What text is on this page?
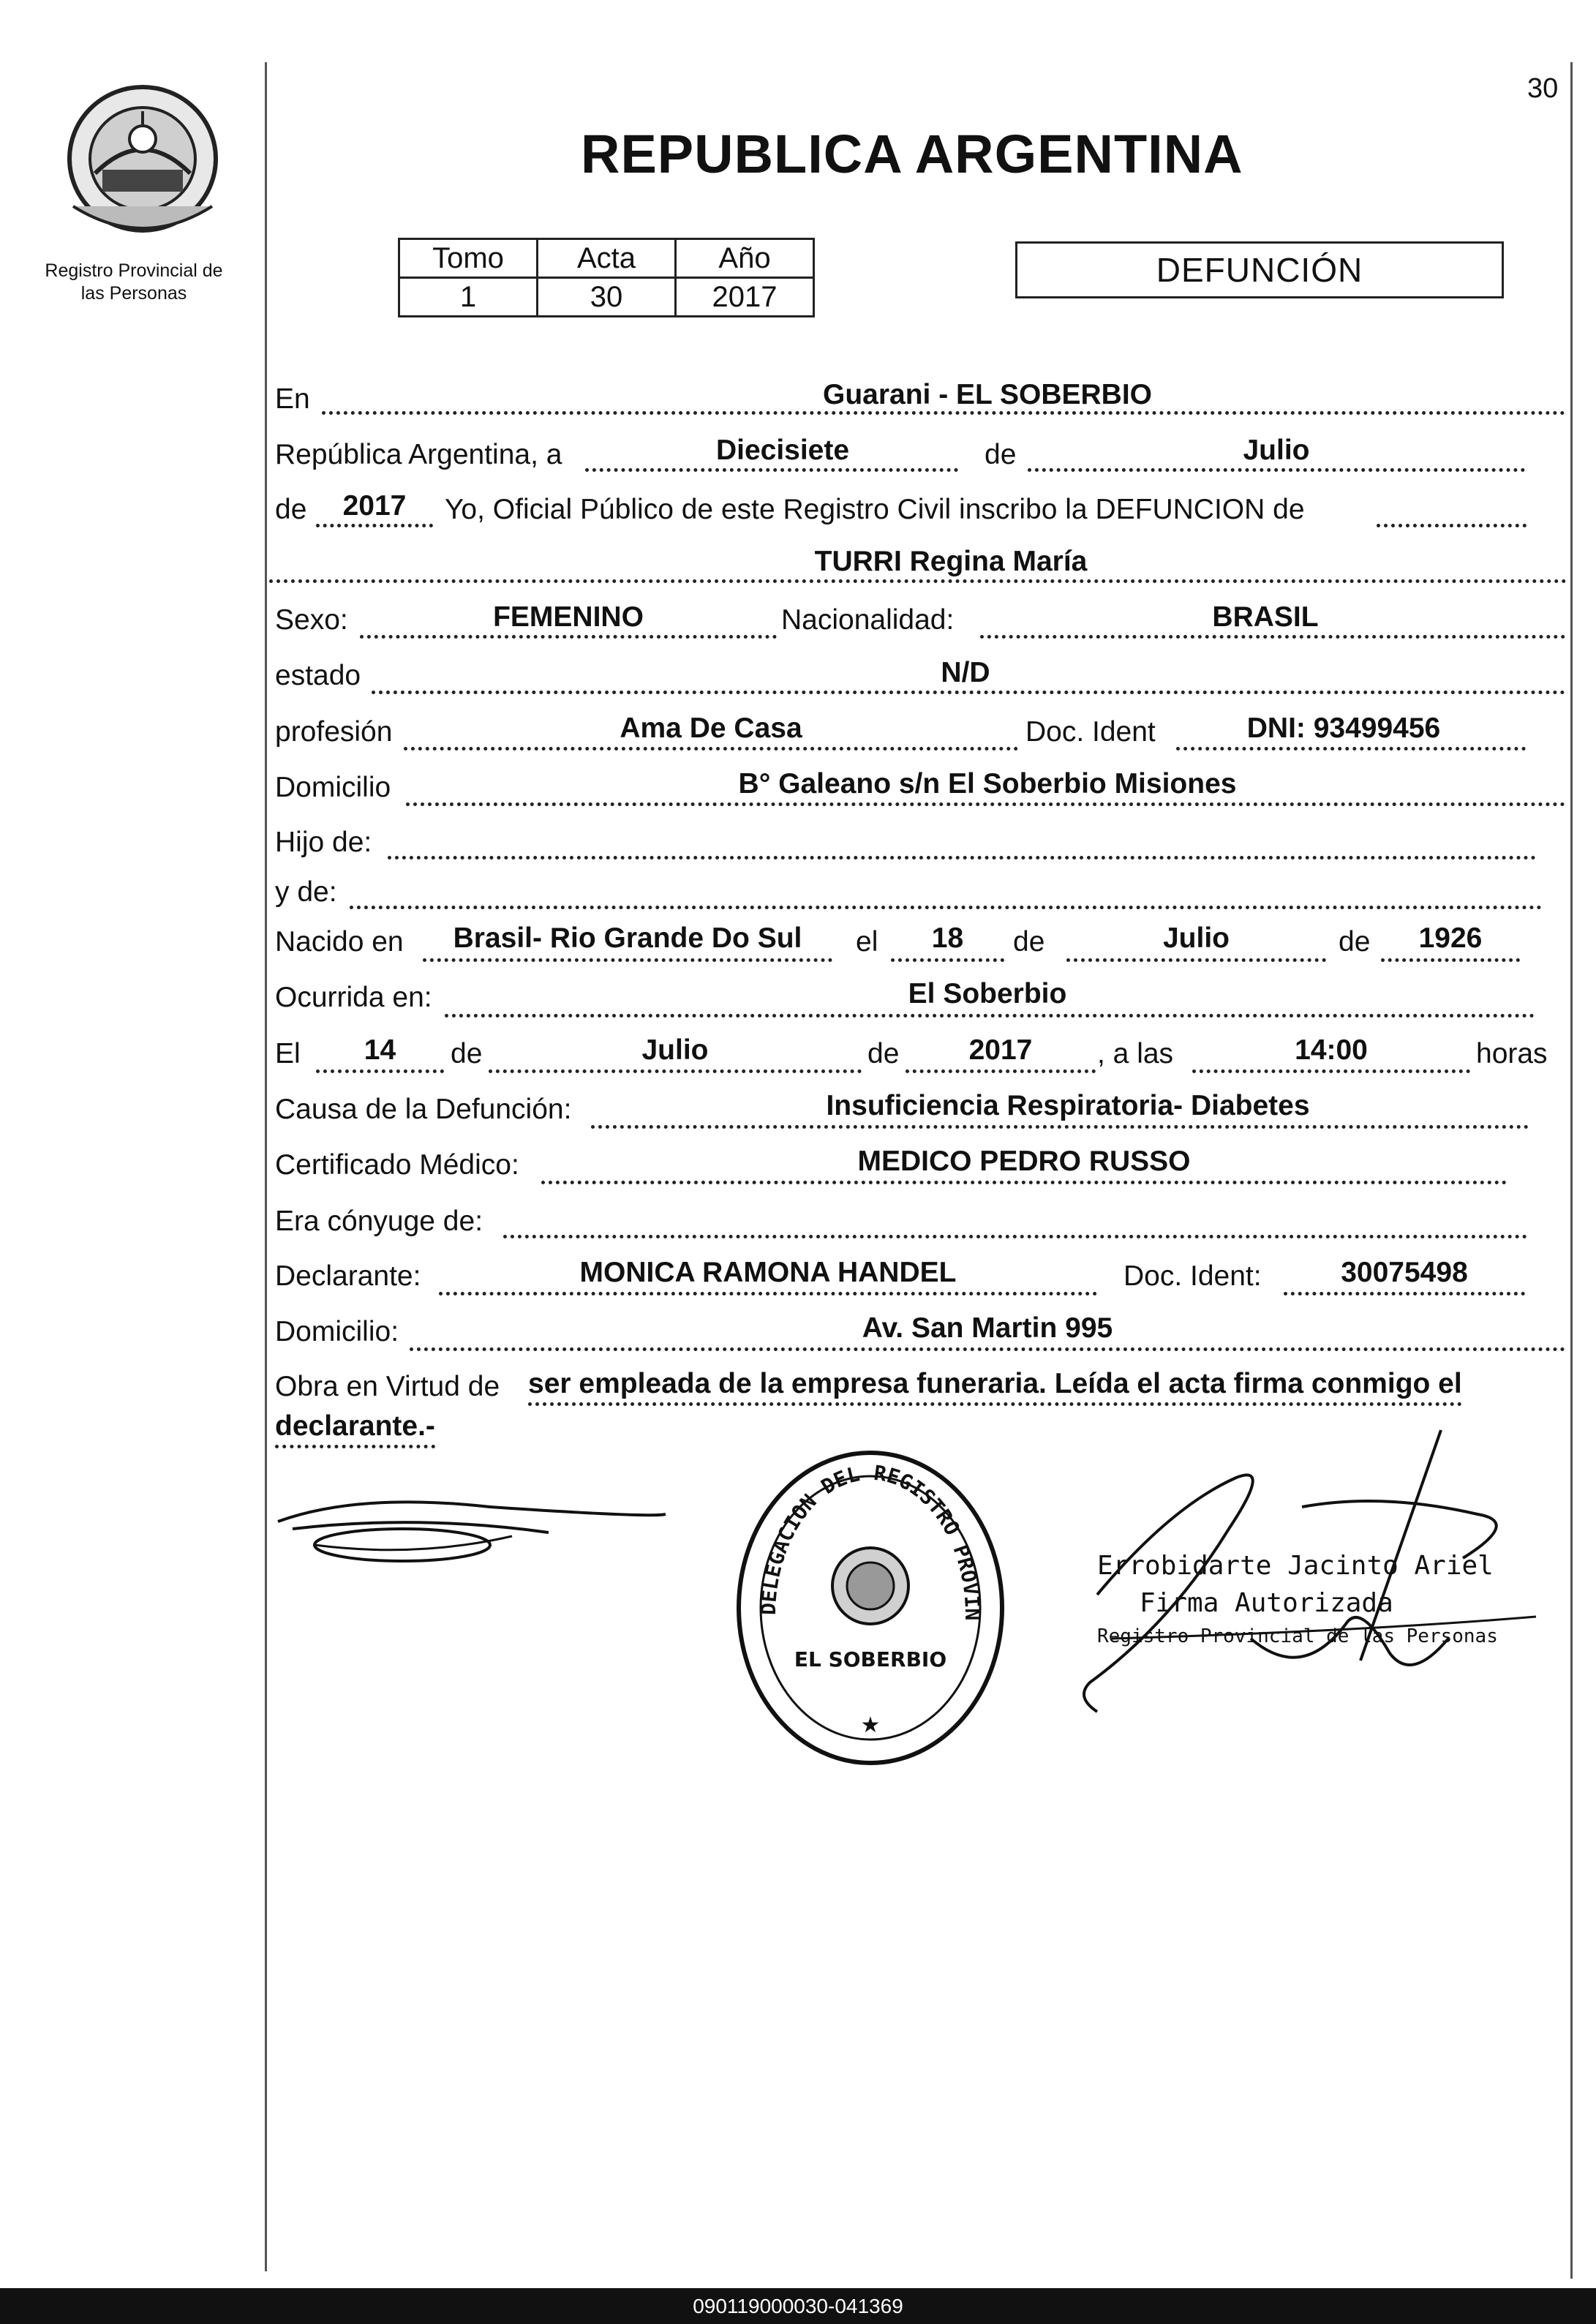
Registro Provincial de
las Personas
30
REPUBLICA ARGENTINA
Tomo	Acta	Año
1	30	2017
DEFUNCIÓN
En	Guarani - EL SOBERBIO
República Argentina, a	Diecisiete	de	Julio
de	2017	Yo, Oficial Público de este Registro Civil inscribo la DEFUNCION de
TURRI Regina María
Sexo:	FEMENINO	Nacionalidad:	BRASIL
estado	N/D
profesión	Ama De Casa	Doc. Ident	DNI: 93499456
Domicilio	B° Galeano s/n El Soberbio Misiones
Hijo de:
y de:
Nacido en	Brasil- Rio Grande Do Sul	el	18	de	Julio	de	1926
Ocurrida en:	El Soberbio
El	14	de	Julio	de	2017	, a las	14:00	horas
Causa de la Defunción:	Insuficiencia Respiratoria- Diabetes
Certificado Médico:	MEDICO PEDRO RUSSO
Era cónyuge de:
Declarante:	MONICA RAMONA HANDEL	Doc. Ident:	30075498
Domicilio:	Av. San Martin 995
Obra en Virtud de ser empleada de la empresa funeraria. Leída el acta firma conmigo el
declarante.-
DELEGACION DEL REGISTRO PROVIN
EL SOBERBIO
★
Errobidarte Jacinto Ariel
Firma Autorizada
Registro Provincial de las Personas
090119000030-041369
